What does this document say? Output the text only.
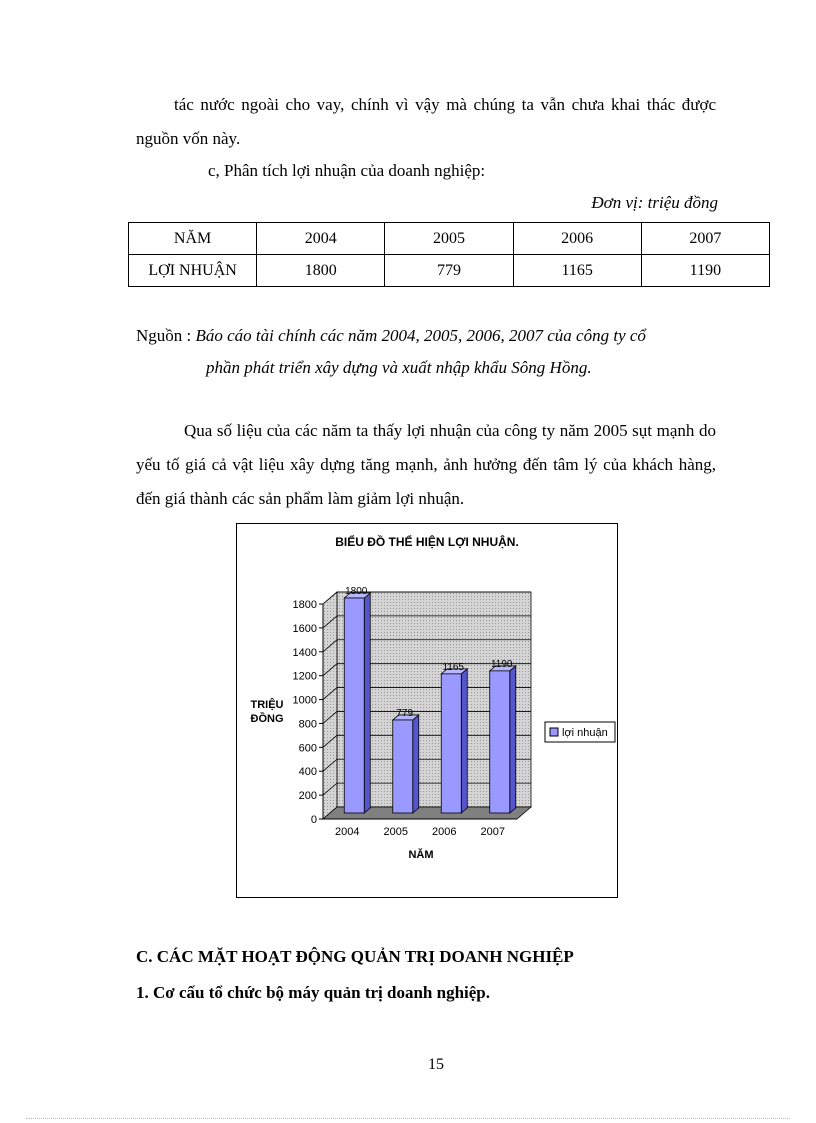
tác nước ngoài cho vay, chính vì vậy mà chúng ta vẫn chưa khai thác được nguồn vốn này.

c, Phân tích lợi nhuận của doanh nghiệp:

Đơn vị: triệu đồng

NĂM	2004	2005	2006	2007
LỢI NHUẬN	1800	779	1165	1190

Nguồn : Báo cáo tài chính các năm 2004, 2005, 2006, 2007 của công ty cổ
phần phát triển xây dựng và xuất nhập khẩu Sông Hồng.

Qua số liệu của các năm ta thấy lợi nhuận của công ty năm 2005 sụt mạnh do yếu tố giá cả vật liệu xây dựng tăng mạnh, ảnh hưởng đến tâm lý của khách hàng, đến giá thành các sản phẩm làm giảm lợi nhuận.

BIỂU ĐỒ THỂ HIỆN LỢI NHUẬN.
0
200
400
600
800
1000
1200
1400
1600
1800
1800
2004
779
2005
1165
2006
1190
2007
TRIỆU
ĐỒNG
NĂM
lợi nhuận

C. CÁC MẶT HOẠT ĐỘNG QUẢN TRỊ DOANH NGHIỆP

1. Cơ cấu tổ chức bộ máy quản trị doanh nghiệp.

15
